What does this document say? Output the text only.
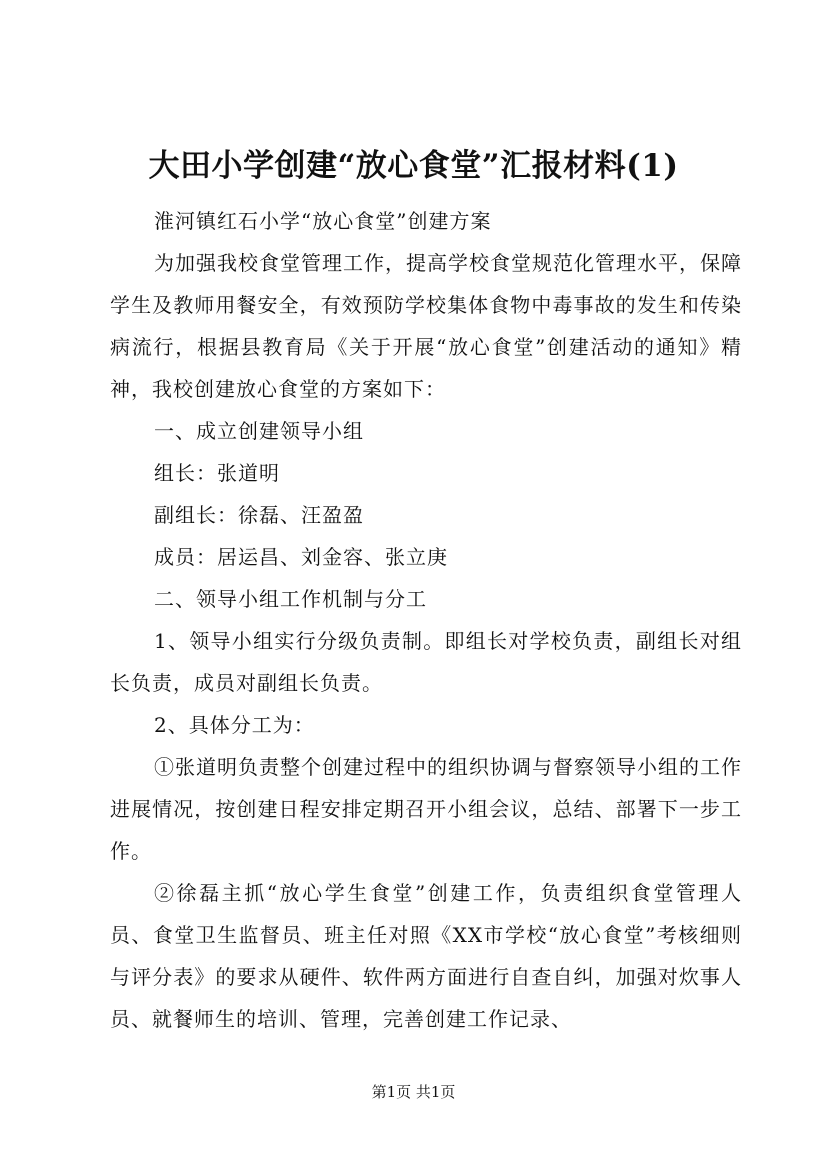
大田小学创建“放心食堂”汇报材料(1)

淮河镇红石小学“放心食堂”创建方案

为加强我校食堂管理工作，提高学校食堂规范化管理水平，保障学生及教师用餐安全，有效预防学校集体食物中毒事故的发生和传染病流行，根据县教育局《关于开展“放心食堂”创建活动的通知》精神，我校创建放心食堂的方案如下：

一、成立创建领导小组

组长：张道明

副组长：徐磊、汪盈盈

成员：居运昌、刘金容、张立庚

二、领导小组工作机制与分工

1、领导小组实行分级负责制。即组长对学校负责，副组长对组长负责，成员对副组长负责。

2、具体分工为：

①张道明负责整个创建过程中的组织协调与督察领导小组的工作进展情况，按创建日程安排定期召开小组会议，总结、部署下一步工作。

②徐磊主抓“放心学生食堂”创建工作，负责组织食堂管理人员、食堂卫生监督员、班主任对照《XX市学校“放心食堂”考核细则与评分表》的要求从硬件、软件两方面进行自查自纠，加强对炊事人员、就餐师生的培训、管理，完善创建工作记录、

第1页 共1页
